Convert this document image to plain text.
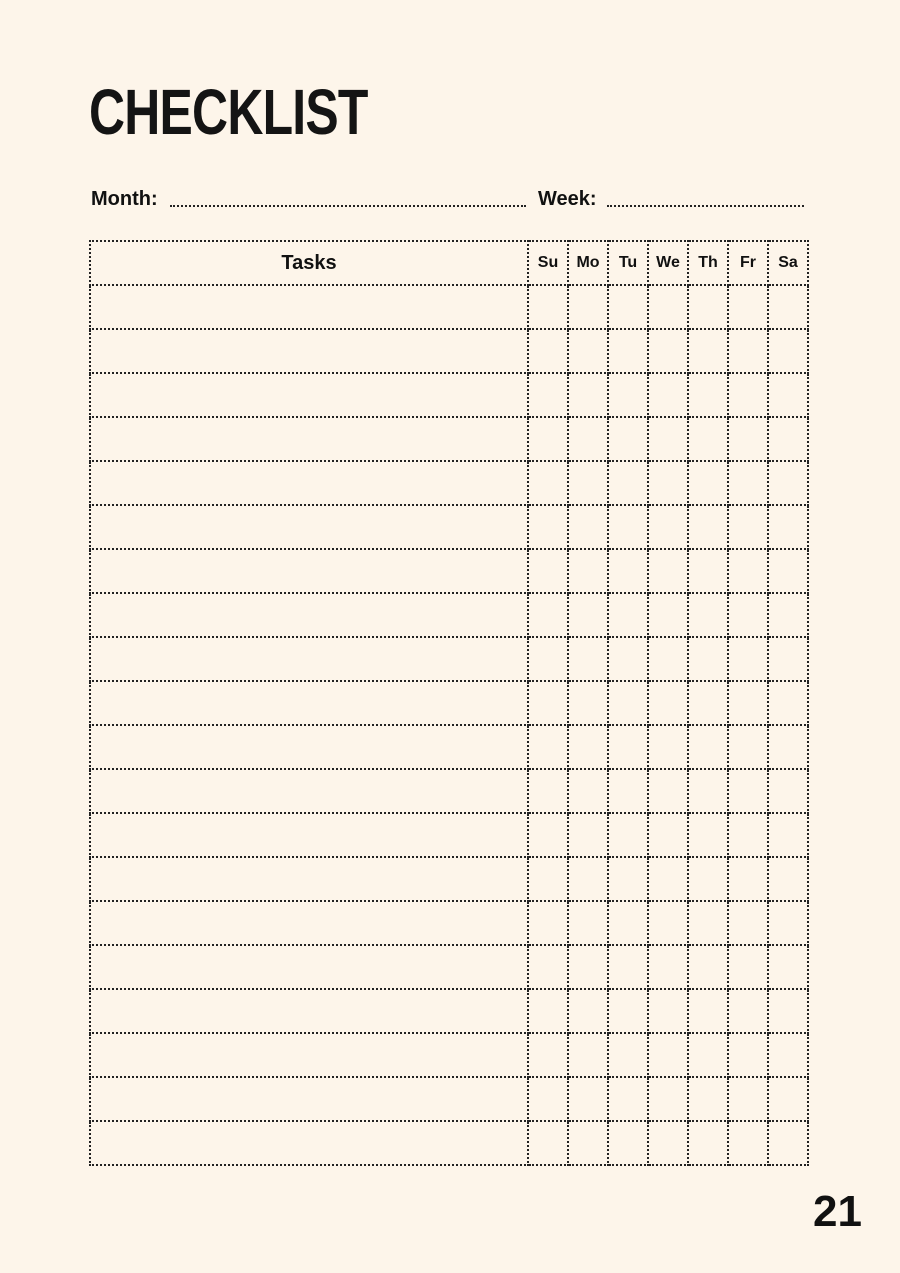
CHECKLIST
Month:	Week:
Tasks	Su	Mo	Tu	We	Th	Fr	Sa

21
